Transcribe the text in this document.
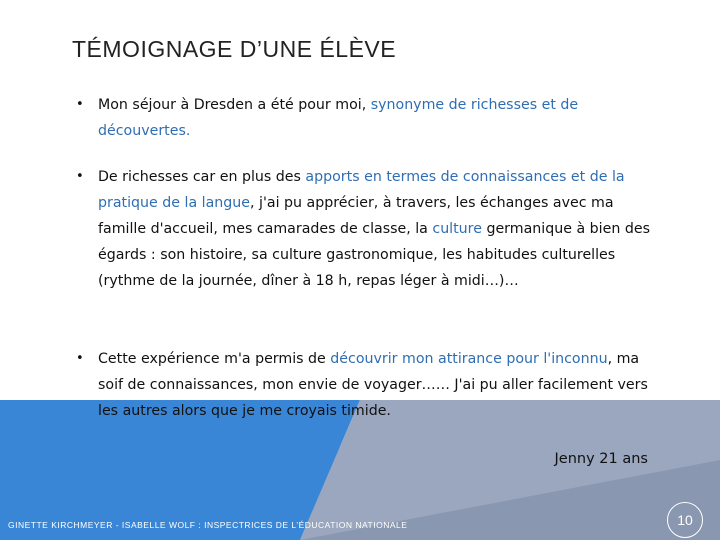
TÉMOIGNAGE D’UNE ÉLÈVE
• Mon séjour à Dresden a été pour moi, synonyme de richesses et de découvertes.
• De richesses car en plus des apports en termes de connaissances et de la pratique de la langue, j'ai pu apprécier, à travers, les échanges avec ma famille d'accueil, mes camarades de classe, la culture germanique à bien des égards : son histoire, sa culture gastronomique, les habitudes culturelles (rythme de la journée, dîner à 18 h, repas léger à midi…)…
• Cette expérience m'a permis de découvrir mon attirance pour l'inconnu, ma soif de connaissances, mon envie de voyager…… J'ai pu aller facilement vers les autres alors que je me croyais timide.
Jenny 21 ans
GINETTE KIRCHMEYER - ISABELLE WOLF : INSPECTRICES DE L’ÉDUCATION NATIONALE	10
